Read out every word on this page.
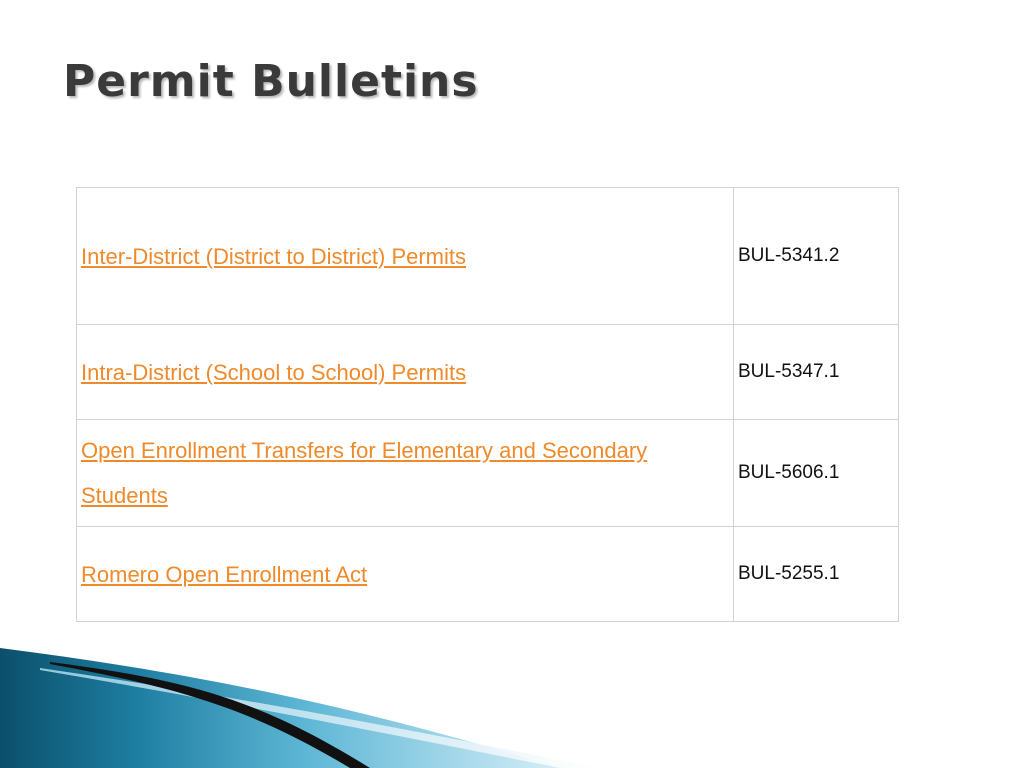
Permit Bulletins
Inter-District (District to District) Permits	BUL-5341.2
Intra-District (School to School) Permits	BUL-5347.1
Open Enrollment Transfers for Elementary and Secondary Students	BUL-5606.1
Romero Open Enrollment Act	BUL-5255.1
